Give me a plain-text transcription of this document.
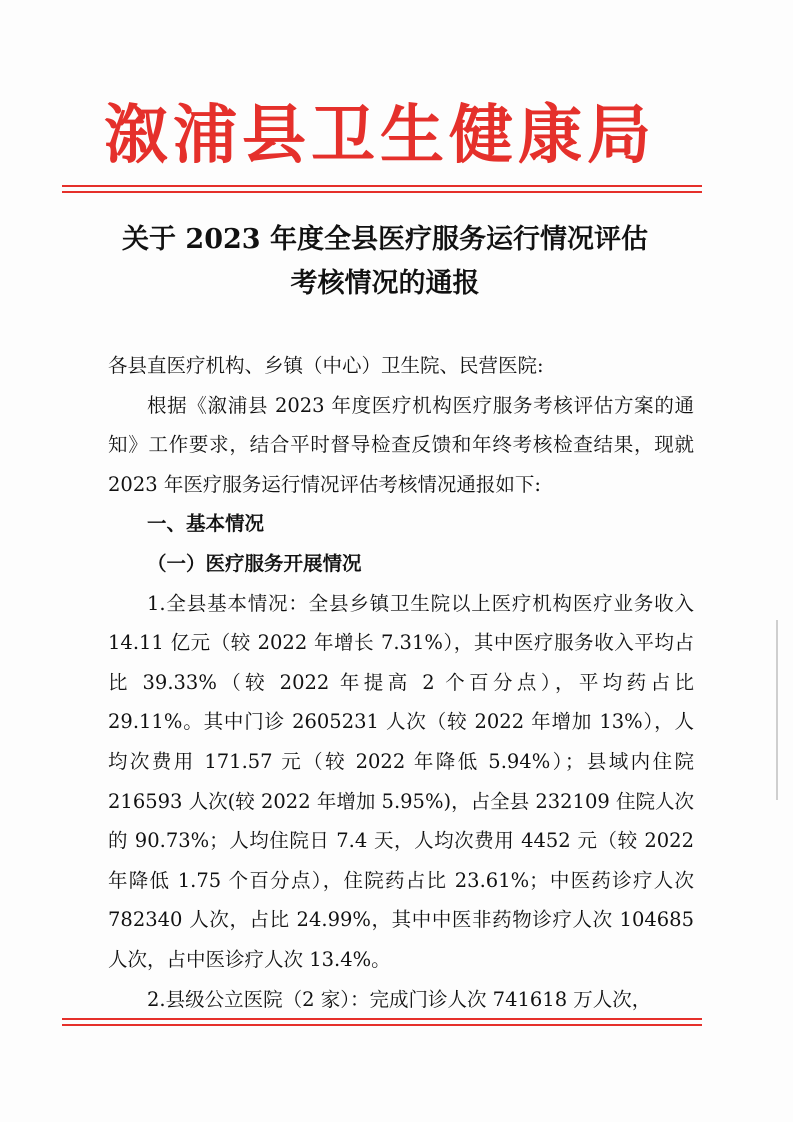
溆浦县卫生健康局
关于 2023 年度全县医疗服务运行情况评估
考核情况的通报

各县直医疗机构、乡镇（中心）卫生院、民营医院:

根据《溆浦县 2023 年度医疗机构医疗服务考核评估方案的通知》工作要求，结合平时督导检查反馈和年终考核检查结果，现就 2023 年医疗服务运行情况评估考核情况通报如下:

一、基本情况

（一）医疗服务开展情况

1.全县基本情况：全县乡镇卫生院以上医疗机构医疗业务收入 14.11 亿元（较 2022 年增长 7.31%），其中医疗服务收入平均占比 39.33%（较 2022 年提高 2 个百分点），平均药占比 29.11%。其中门诊 2605231 人次（较 2022 年增加 13%），人均次费用 171.57 元（较 2022 年降低 5.94%）；县域内住院 216593 人次(较 2022 年增加 5.95%)，占全县 232109 住院人次的 90.73%；人均住院日 7.4 天，人均次费用 4452 元（较 2022 年降低 1.75 个百分点），住院药占比 23.61%；中医药诊疗人次 782340 人次，占比 24.99%，其中中医非药物诊疗人次 104685 人次，占中医诊疗人次 13.4%。

2.县级公立医院（2 家）：完成门诊人次 741618 万人次，
